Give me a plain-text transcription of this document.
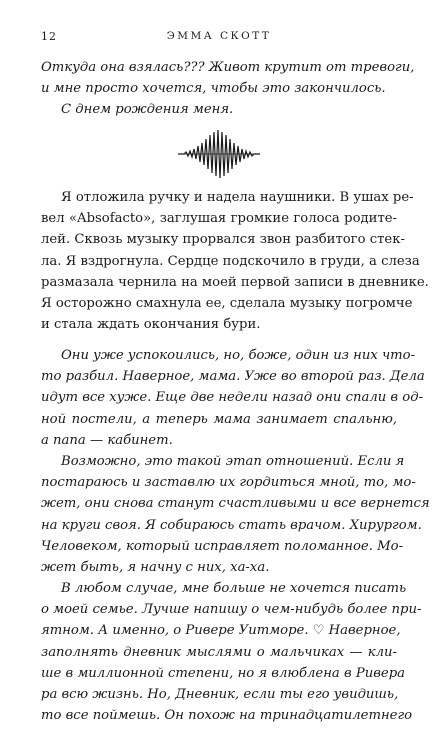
12	ЭММА СКОТТ
Откуда она взялась??? Живот крутит от тревоги,
и мне просто хочется, чтобы это закончилось.
С днем рождения меня.
Я отложила ручку и надела наушники. В ушах ре-
вел «Absofacto», заглушая громкие голоса родите-
лей. Сквозь музыку прорвался звон разбитого стек-
ла. Я вздрогнула. Сердце подскочило в груди, а слеза
размазала чернила на моей первой записи в дневнике.
Я осторожно смахнула ее, сделала музыку погромче
и стала ждать окончания бури.
Они уже успокоились, но, боже, один из них что-
то разбил. Наверное, мама. Уже во второй раз. Дела
идут все хуже. Еще две недели назад они спали в од-
ной постели, а теперь мама занимает спальню,
а папа — кабинет.
Возможно, это такой этап отношений. Если я
постараюсь и заставлю их гордиться мной, то, мо-
жет, они снова станут счастливыми и все вернется
на круги своя. Я собираюсь стать врачом. Хирургом.
Человеком, который исправляет поломанное. Мо-
жет быть, я начну с них, ха-ха.
В любом случае, мне больше не хочется писать
о моей семье. Лучше напишу о чем-нибудь более при-
ятном. А именно, о Ривере Уитморе. ♡ Наверное,
заполнять дневник мыслями о мальчиках — кли-
ше в миллионной степени, но я влюблена в Ривера
ра всю жизнь. Но, Дневник, если ты его увидишь,
то все поймешь. Он похож на тринадцатилетнего
